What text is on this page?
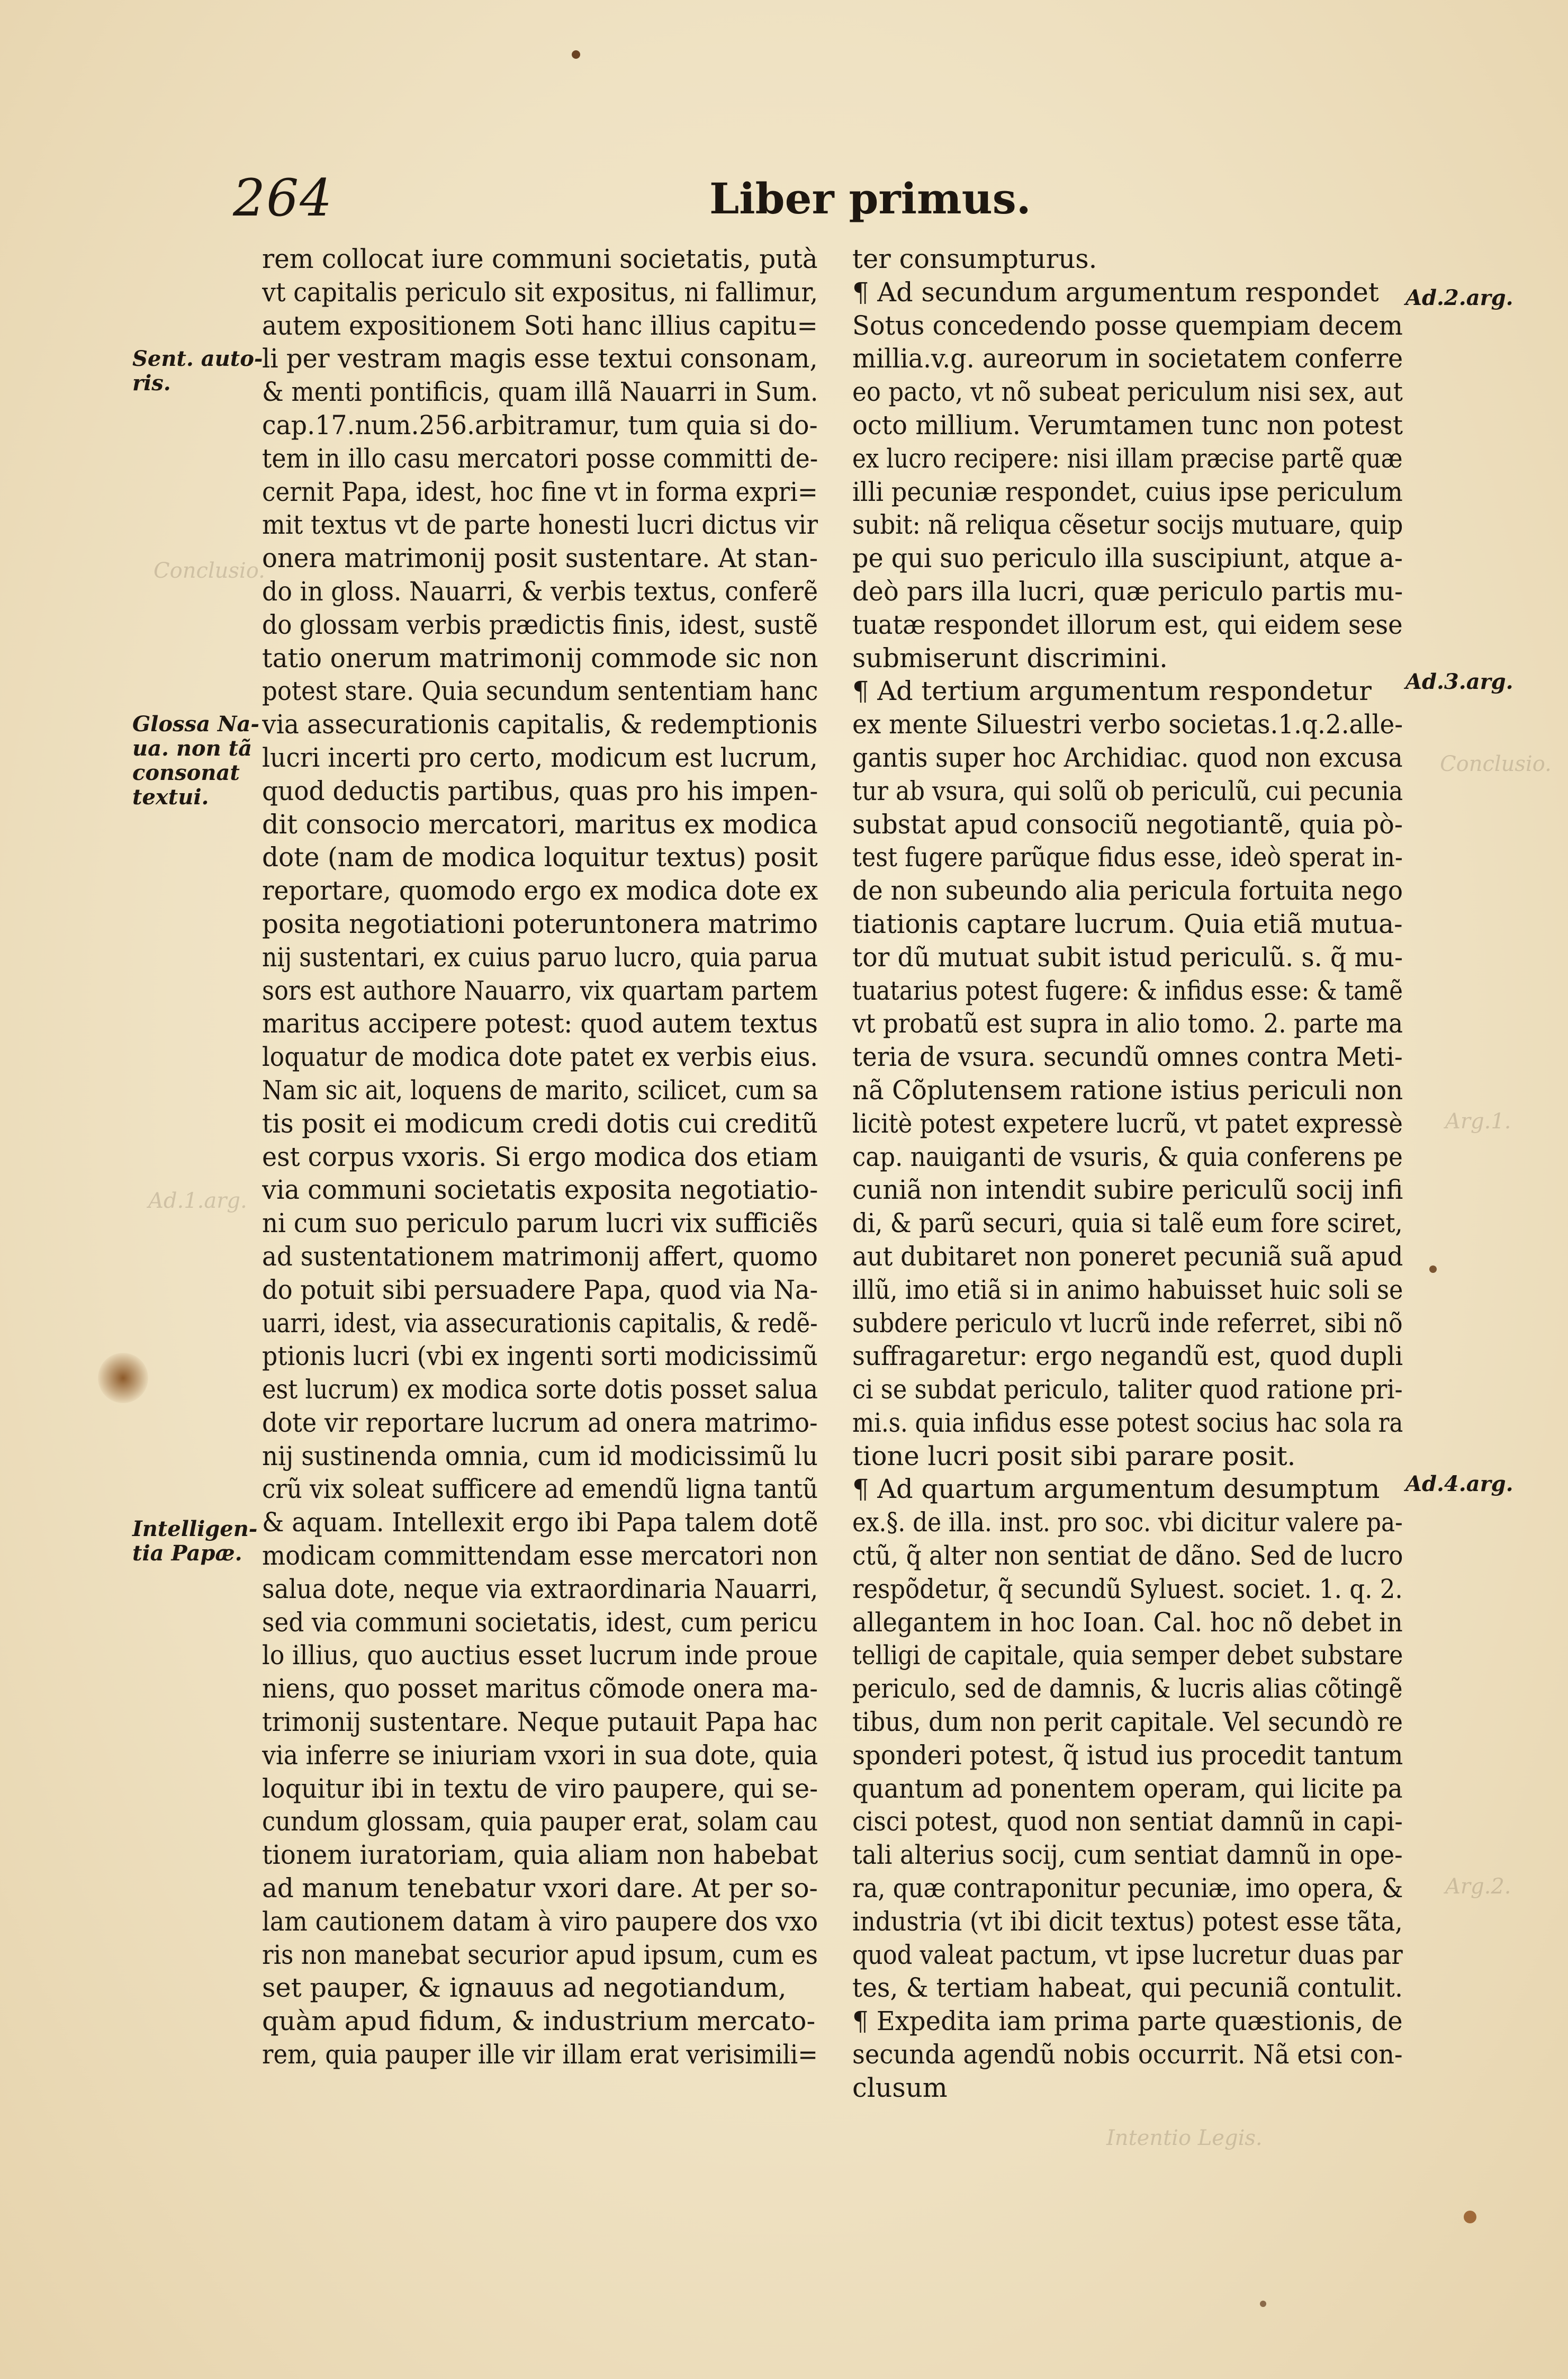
Conclusio.
Ad.1.arg.
Conclusio.
Arg.1.
Arg.2.
Intentio Legis.
264	Liber primus.
rem collocat iure communi societatis, putà
vt capitalis periculo sit expositus, ni fallimur,
autem expositionem Soti hanc illius capitu=
li per vestram magis esse textui consonam,
& menti pontificis, quam illã Nauarri in Sum.
cap.17.num.256.arbitramur, tum quia si do-
tem in illo casu mercatori posse committi de-
cernit Papa, idest, hoc fine vt in forma expri=
mit textus vt de parte honesti lucri dictus vir
onera matrimonij posit sustentare. At stan-
do in gloss. Nauarri, & verbis textus, conferẽ
do glossam verbis prædictis finis, idest, sustẽ
tatio onerum matrimonij commode sic non
potest stare. Quia secundum sententiam hanc
via assecurationis capitalis, & redemptionis
lucri incerti pro certo, modicum est lucrum,
quod deductis partibus, quas pro his impen-
dit consocio mercatori, maritus ex modica
dote (nam de modica loquitur textus) posit
reportare, quomodo ergo ex modica dote ex
posita negotiationi poteruntonera matrimo
nij sustentari, ex cuius paruo lucro, quia parua
sors est authore Nauarro, vix quartam partem
maritus accipere potest: quod autem textus
loquatur de modica dote patet ex verbis eius.
Nam sic ait, loquens de marito, scilicet, cum sa
tis posit ei modicum credi dotis cui creditũ
est corpus vxoris. Si ergo modica dos etiam
via communi societatis exposita negotiatio-
ni cum suo periculo parum lucri vix sufficiẽs
ad sustentationem matrimonij affert, quomo
do potuit sibi persuadere Papa, quod via Na-
uarri, idest, via assecurationis capitalis, & redẽ-
ptionis lucri (vbi ex ingenti sorti modicissimũ
est lucrum) ex modica sorte dotis posset salua
dote vir reportare lucrum ad onera matrimo-
nij sustinenda omnia, cum id modicissimũ lu
crũ vix soleat sufficere ad emendũ ligna tantũ
& aquam. Intellexit ergo ibi Papa talem dotẽ
modicam committendam esse mercatori non
salua dote, neque via extraordinaria Nauarri,
sed via communi societatis, idest, cum pericu
lo illius, quo auctius esset lucrum inde proue
niens, quo posset maritus cõmode onera ma-
trimonij sustentare. Neque putauit Papa hac
via inferre se iniuriam vxori in sua dote, quia
loquitur ibi in textu de viro paupere, qui se-
cundum glossam, quia pauper erat, solam cau
tionem iuratoriam, quia aliam non habebat
ad manum tenebatur vxori dare. At per so-
lam cautionem datam à viro paupere dos vxo
ris non manebat securior apud ipsum, cum es
set pauper, & ignauus ad negotiandum,
quàm apud fidum, & industrium mercato-
rem, quia pauper ille vir illam erat verisimili=
ter consumpturus.
¶ Ad secundum argumentum respondet
Sotus concedendo posse quempiam decem
millia.v.g. aureorum in societatem conferre
eo pacto, vt nõ subeat periculum nisi sex, aut
octo millium. Verumtamen tunc non potest
ex lucro recipere: nisi illam præcise partẽ quæ
illi pecuniæ respondet, cuius ipse periculum
subit: nã reliqua cẽsetur socijs mutuare, quip
pe qui suo periculo illa suscipiunt, atque a-
deò pars illa lucri, quæ periculo partis mu-
tuatæ respondet illorum est, qui eidem sese
submiserunt discrimini.
¶ Ad tertium argumentum respondetur
ex mente Siluestri verbo societas.1.q.2.alle-
gantis super hoc Archidiac. quod non excusa
tur ab vsura, qui solũ ob periculũ, cui pecunia
substat apud consociũ negotiantẽ, quia pò-
test fugere parũque fidus esse, ideò sperat in-
de non subeundo alia pericula fortuita nego
tiationis captare lucrum. Quia etiã mutua-
tor dũ mutuat subit istud periculũ. s. q̃ mu-
tuatarius potest fugere: & infidus esse: & tamẽ
vt probatũ est supra in alio tomo. 2. parte ma
teria de vsura. secundũ omnes contra Meti-
nã Cõplutensem ratione istius periculi non
licitè potest expetere lucrũ, vt patet expressè
cap. nauiganti de vsuris, & quia conferens pe
cuniã non intendit subire periculũ socij infi
di, & parũ securi, quia si talẽ eum fore sciret,
aut dubitaret non poneret pecuniã suã apud
illũ, imo etiã si in animo habuisset huic soli se
subdere periculo vt lucrũ inde referret, sibi nõ
suffragaretur: ergo negandũ est, quod dupli
ci se subdat periculo, taliter quod ratione pri-
mi.s. quia infidus esse potest socius hac sola ra
tione lucri posit sibi parare posit.
¶ Ad quartum argumentum desumptum
ex.§. de illa. inst. pro soc. vbi dicitur valere pa-
ctũ, q̃ alter non sentiat de dãno. Sed de lucro
respõdetur, q̃ secundũ Syluest. societ. 1. q. 2.
allegantem in hoc Ioan. Cal. hoc nõ debet in
telligi de capitale, quia semper debet substare
periculo, sed de damnis, & lucris alias cõtingẽ
tibus, dum non perit capitale. Vel secundò re
sponderi potest, q̃ istud ius procedit tantum
quantum ad ponentem operam, qui licite pa
cisci potest, quod non sentiat damnũ in capi-
tali alterius socij, cum sentiat damnũ in ope-
ra, quæ contraponitur pecuniæ, imo opera, &
industria (vt ibi dicit textus) potest esse tãta,
quod valeat pactum, vt ipse lucretur duas par
tes, & tertiam habeat, qui pecuniã contulit.
¶ Expedita iam prima parte quæstionis, de
secunda agendũ nobis occurrit. Nã etsi con-
clusum
Sent. auto-
ris.
Glossa Na-
ua. non tã
consonat
textui.
Intelligen-
tia Papæ.
Ad.2.arg.
Ad.3.arg.
Ad.4.arg.
